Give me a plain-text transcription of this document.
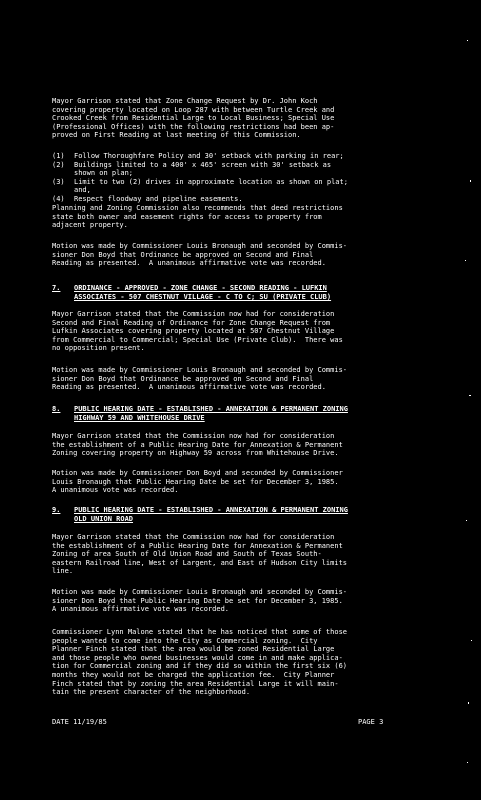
Mayor Garrison stated that Zone Change Request by Dr. John Koch
covering property located on Loop 287 with between Turtle Creek and
Crooked Creek from Residential Large to Local Business; Special Use
(Professional Offices) with the following restrictions had been ap-
proved on First Reading at last meeting of this Commission.
(1)	Follow Thoroughfare Policy and 30' setback with parking in rear;
(2)	Buildings limited to a 400' x 465' screen with 30' setback as
shown on plan;
(3)	Limit to two (2) drives in approximate location as shown on plat;
and,
(4)	Respect floodway and pipeline easements.
Planning and Zoning Commission also recommends that deed restrictions
state both owner and easement rights for access to property from
adjacent property.
Motion was made by Commissioner Louis Bronaugh and seconded by Commis-
sioner Don Boyd that Ordinance be approved on Second and Final
Reading as presented.  A unanimous affirmative vote was recorded.
7.	ORDINANCE - APPROVED - ZONE CHANGE - SECOND READING - LUFKIN
ASSOCIATES - 507 CHESTNUT VILLAGE - C TO C; SU (PRIVATE CLUB)
Mayor Garrison stated that the Commission now had for consideration
Second and Final Reading of Ordinance for Zone Change Request from
Lufkin Associates covering property located at 507 Chestnut Village
from Commercial to Commercial; Special Use (Private Club).  There was
no opposition present.
Motion was made by Commissioner Louis Bronaugh and seconded by Commis-
sioner Don Boyd that Ordinance be approved on Second and Final
Reading as presented.  A unanimous affirmative vote was recorded.
8.	PUBLIC HEARING DATE - ESTABLISHED - ANNEXATION & PERMANENT ZONING
HIGHWAY 59 AND WHITEHOUSE DRIVE
Mayor Garrison stated that the Commission now had for consideration
the establishment of a Public Hearing Date for Annexation & Permanent
Zoning covering property on Highway 59 across from Whitehouse Drive.
Motion was made by Commissioner Don Boyd and seconded by Commissioner
Louis Bronaugh that Public Hearing Date be set for December 3, 1985.
A unanimous vote was recorded.
9.	PUBLIC HEARING DATE - ESTABLISHED - ANNEXATION & PERMANENT ZONING
OLD UNION ROAD
Mayor Garrison stated that the Commission now had for consideration
the establishment of a Public Hearing Date for Annexation & Permanent
Zoning of area South of Old Union Road and South of Texas South-
eastern Railroad line, West of Largent, and East of Hudson City limits
line.
Motion was made by Commissioner Louis Bronaugh and seconded by Commis-
sioner Don Boyd that Public Hearing Date be set for December 3, 1985.
A unanimous affirmative vote was recorded.
Commissioner Lynn Malone stated that he has noticed that some of those
people wanted to come into the City as Commercial zoning.  City
Planner Finch stated that the area would be zoned Residential Large
and those people who owned businesses would come in and make applica-
tion for Commercial zoning and if they did so within the first six (6)
months they would not be charged the application fee.  City Planner
Finch stated that by zoning the area Residential Large it will main-
tain the present character of the neighborhood.
DATE 11/19/85	PAGE 3
